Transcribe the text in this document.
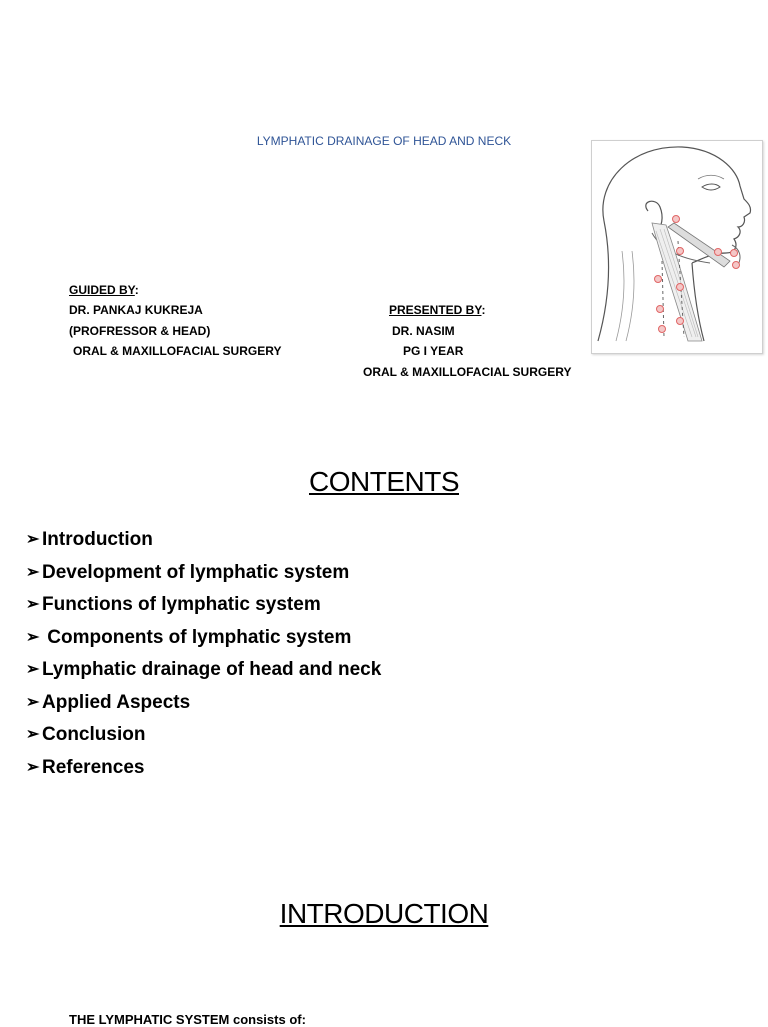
LYMPHATIC DRAINAGE OF HEAD AND NECK
GUIDED BY:
DR. PANKAJ KUKREJA
(PROFRESSOR & HEAD)
ORAL & MAXILLOFACIAL SURGERY
PRESENTED BY:
DR. NASIM
PG I YEAR
ORAL & MAXILLOFACIAL SURGERY
CONTENTS
➢ Introduction
➢ Development of lymphatic system
➢ Functions of lymphatic system
➢ Components of lymphatic system
➢ Lymphatic drainage of head and neck
➢ Applied Aspects
➢ Conclusion
➢ References
INTRODUCTION
THE LYMPHATIC SYSTEM consists of:
